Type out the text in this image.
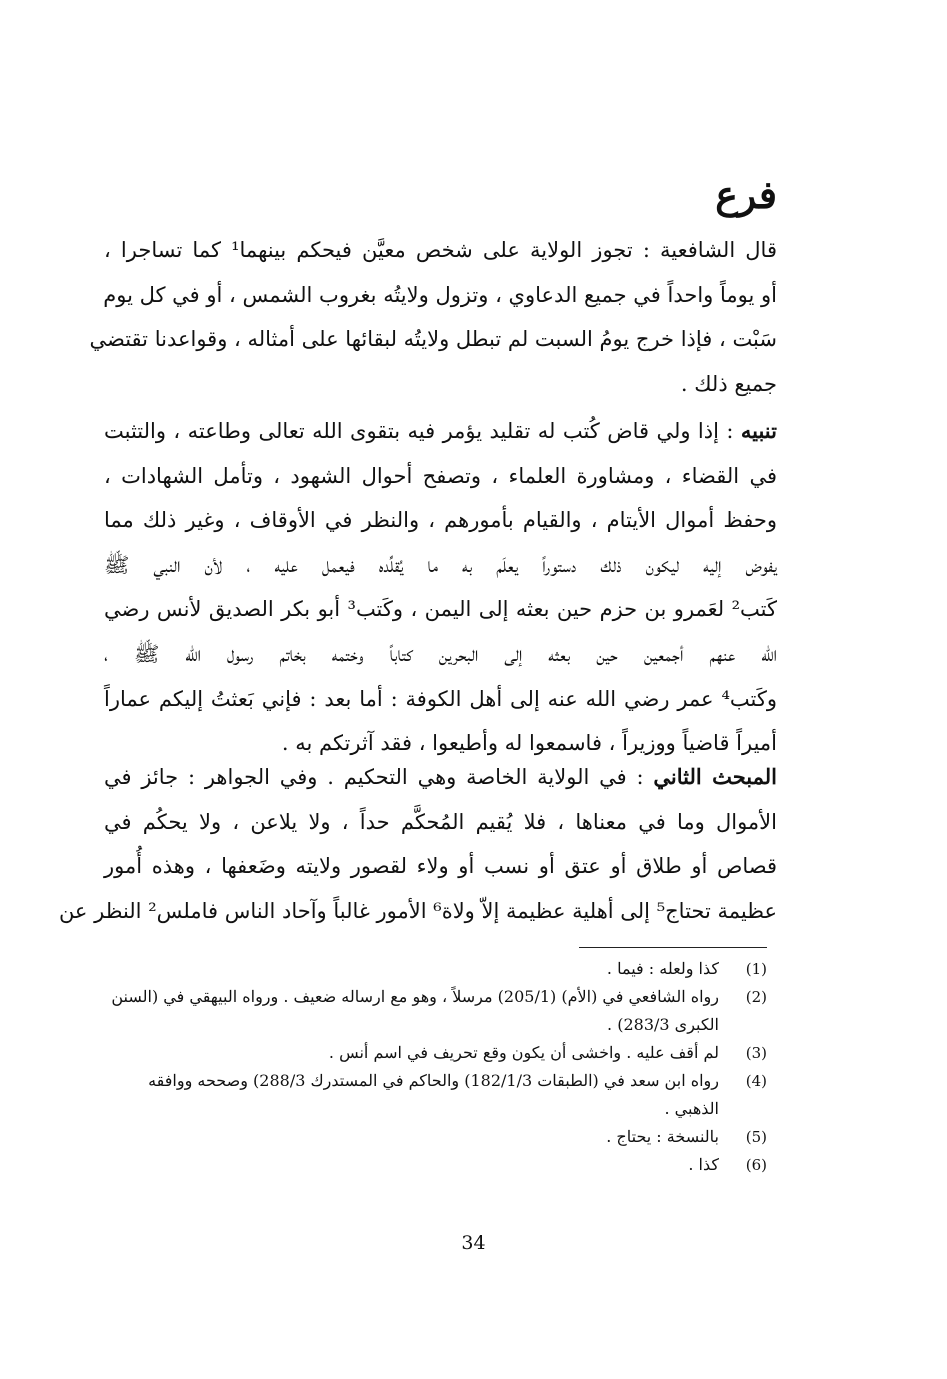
فرع

قال الشافعية : تجوز الولاية على شخص معيَّن فيحكم بينهما¹ كما تساجرا ،
أو يوماً واحداً في جميع الدعاوي ، وتزول ولايتُه بغروب الشمس ، أو في كل يوم
سَبْت ، فإذا خرج يومُ السبت لم تبطل ولايتُه لبقائها على أمثاله ، وقواعدنا تقتضي
جميع ذلك .

تنبيه : إذا ولي قاض كُتب له تقليد يؤمر فيه بتقوى الله تعالى وطاعته ، والتثبت
في القضاء ، ومشاورة العلماء ، وتصفح أحوال الشهود ، وتأمل الشهادات ،
وحفظ أموال الأيتام ، والقيام بأمورهم ، والنظر في الأوقاف ، وغير ذلك مما
يفوض إليه ليكون ذلك دستوراً يعلَم به ما يُقلِّده فيعمل عليه ، لأن النبي ﷺ
كَتب² لعَمرو بن حزم حين بعثه إلى اليمن ، وكَتب³ أبو بكر الصديق لأنس رضي
الله عنهم أجمعين حين بعثه إلى البحرين كتاباً وختمه بخاتم رسول الله ﷺ ،
وكَتب⁴ عمر رضي الله عنه إلى أهل الكوفة : أما بعد : فإني بَعثتُ إليكم عماراً
أميراً قاضياً ووزيراً ، فاسمعوا له وأطيعوا ، فقد آثرتكم به .

المبحث الثاني : في الولاية الخاصة وهي التحكيم . وفي الجواهر : جائز في
الأموال وما في معناها ، فلا يُقيم المُحكَّم حداً ، ولا يلاعن ، ولا يحكُم في
قصاص أو طلاق أو عتق أو نسب أو ولاء لقصور ولايته وضَعفها ، وهذه أُمور
عظيمة تحتاج⁵ إلى أهلية عظيمة إلاّ ولاة⁶ الأمور غالباً وآحاد الناس فاملس² النظر عن

(1)
كذا ولعله : فيما .
(2)
رواه الشافعي في (الأم) (205/1) مرسلاً ، وهو مع ارساله ضعيف . ورواه البيهقي في (السنن الكبرى 283/3) .
(3)
لم أقف عليه . واخشى أن يكون وقع تحريف في اسم أنس .
(4)
رواه ابن سعد في (الطبقات 182/1/3) والحاكم في المستدرك 288/3) وصححه ووافقه الذهبي .
(5)
بالنسخة : يحتاج .
(6)
كذا .
34
